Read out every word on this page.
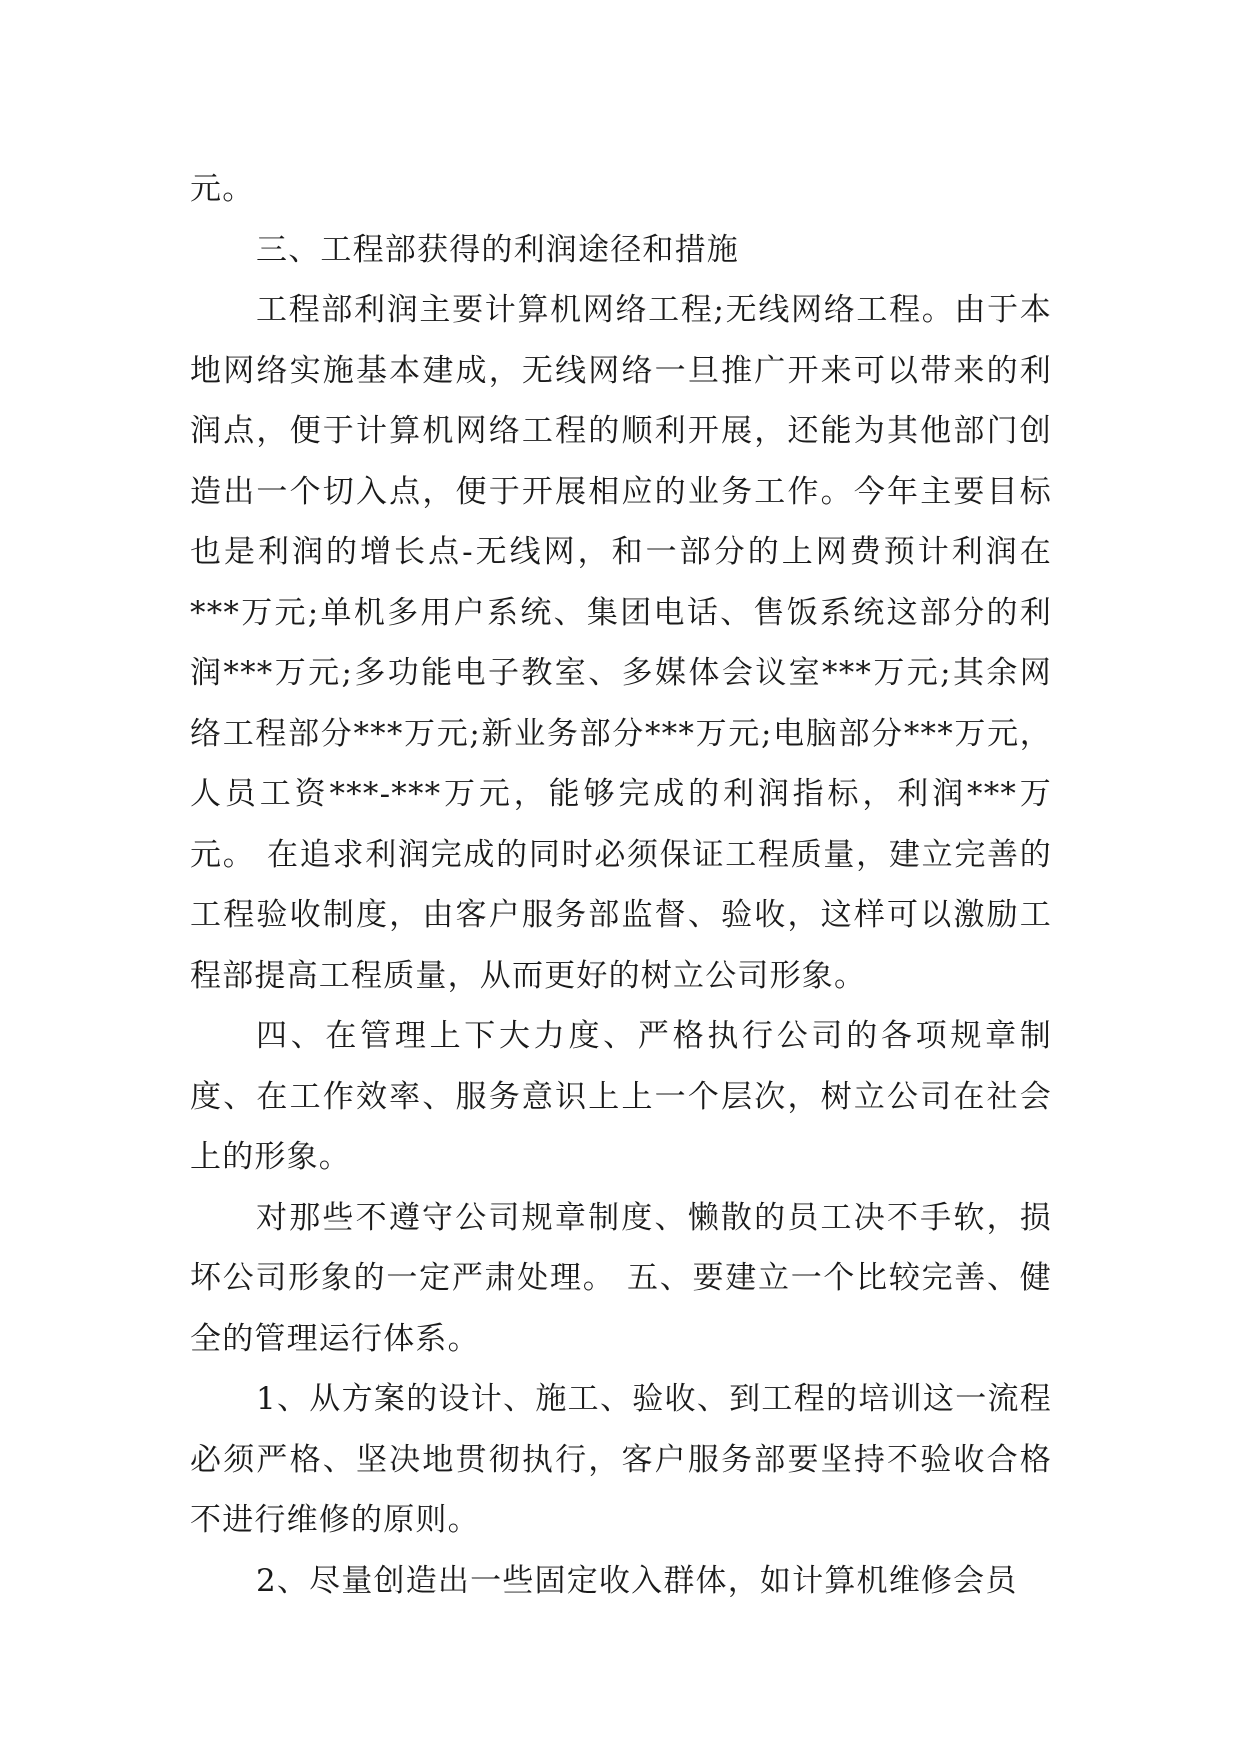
元。

三、工程部获得的利润途径和措施

工程部利润主要计算机网络工程;无线网络工程。由于本地网络实施基本建成，无线网络一旦推广开来可以带来的利润点，便于计算机网络工程的顺利开展，还能为其他部门创造出一个切入点，便于开展相应的业务工作。今年主要目标也是利润的增长点-无线网，和一部分的上网费预计利润在***万元;单机多用户系统、集团电话、售饭系统这部分的利润***万元;多功能电子教室、多媒体会议室***万元;其余网络工程部分***万元;新业务部分***万元;电脑部分***万元，人员工资***-***万元，能够完成的利润指标，利润***万元。 在追求利润完成的同时必须保证工程质量，建立完善的工程验收制度，由客户服务部监督、验收，这样可以激励工程部提高工程质量，从而更好的树立公司形象。

四、在管理上下大力度、严格执行公司的各项规章制度、在工作效率、服务意识上上一个层次，树立公司在社会上的形象。

对那些不遵守公司规章制度、懒散的员工决不手软，损坏公司形象的一定严肃处理。 五、要建立一个比较完善、健全的管理运行体系。

1、从方案的设计、施工、验收、到工程的培训这一流程必须严格、坚决地贯彻执行，客户服务部要坚持不验收合格不进行维修的原则。

2、尽量创造出一些固定收入群体，如计算机维修会员
